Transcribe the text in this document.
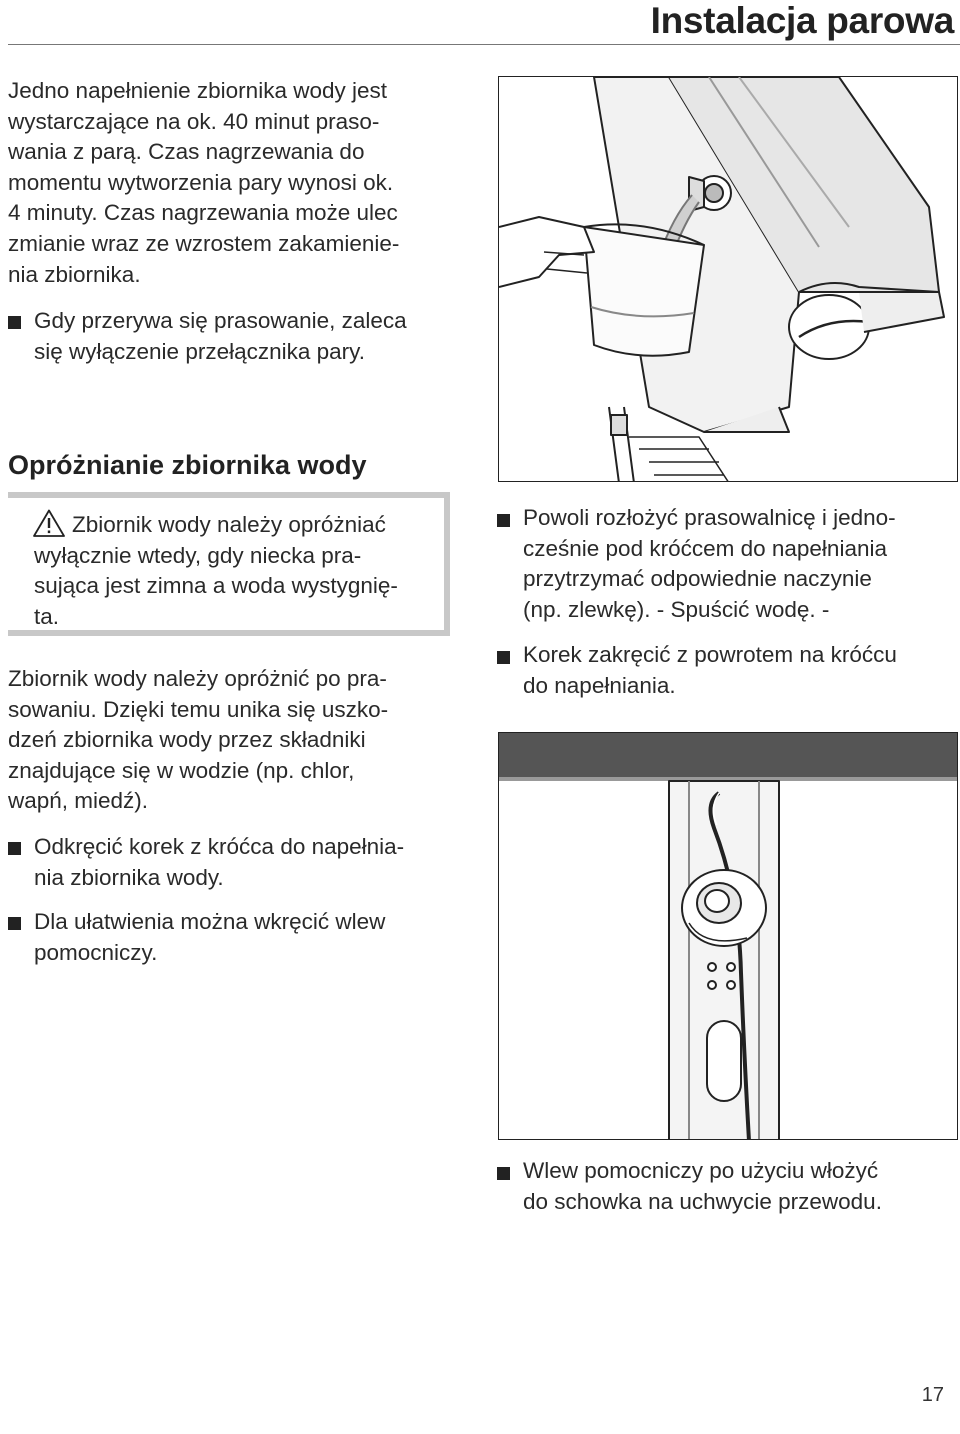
Instalacja parowa

Jedno napełnienie zbiornika wody jest
wystarczające na ok. 40 minut praso-
wania z parą. Czas nagrzewania do
momentu wytworzenia pary wynosi ok.
4 minuty. Czas nagrzewania może ulec
zmianie wraz ze wzrostem zakamienie-
nia zbiornika.

Gdy przerywa się prasowanie, zaleca
się wyłączenie przełącznika pary.

Opróżnianie zbiornika wody

Zbiornik wody należy opróżniać
wyłącznie wtedy, gdy niecka pra-
sująca jest zimna a woda wystygnię-
ta.

Zbiornik wody należy opróżnić po pra-
sowaniu. Dzięki temu unika się uszko-
dzeń zbiornika wody przez składniki
znajdujące się w wodzie (np. chlor,
wapń, miedź).

Odkręcić korek z króćca do napełnia-
nia zbiornika wody.

Dla ułatwienia można wkręcić wlew
pomocniczy.

Powoli rozłożyć prasowalnicę i jedno-
cześnie pod króćcem do napełniania
przytrzymać odpowiednie naczynie
(np. zlewkę). - Spuścić wodę. -

Korek zakręcić z powrotem na króćcu
do napełniania.

Wlew pomocniczy po użyciu włożyć
do schowka na uchwycie przewodu.

17
